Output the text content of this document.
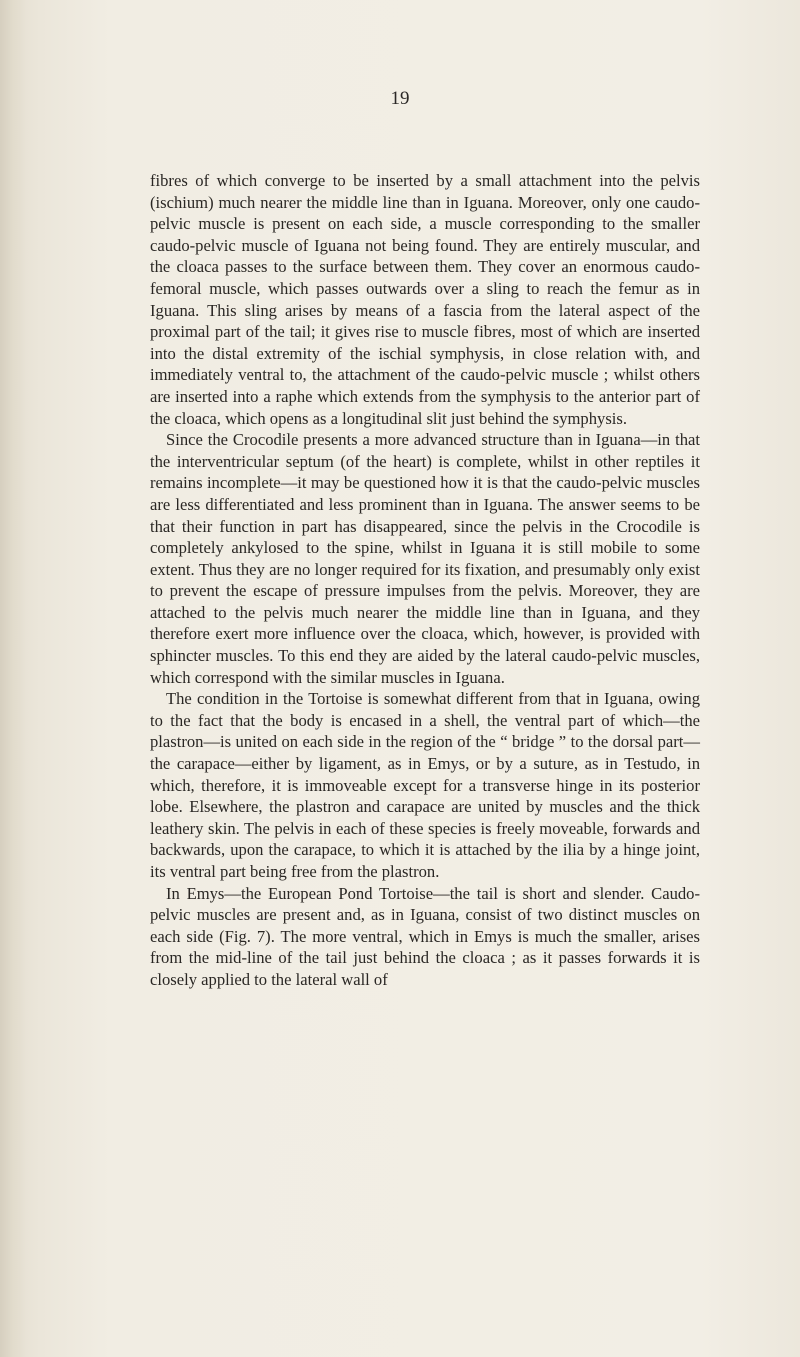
19

fibres of which converge to be inserted by a small attachment into the pelvis (ischium) much nearer the middle line than in Iguana. Moreover, only one caudo-pelvic muscle is present on each side, a muscle corresponding to the smaller caudo-pelvic muscle of Iguana not being found. They are entirely muscular, and the cloaca passes to the surface between them. They cover an enormous caudo-femoral muscle, which passes outwards over a sling to reach the femur as in Iguana. This sling arises by means of a fascia from the lateral aspect of the proximal part of the tail; it gives rise to muscle fibres, most of which are inserted into the distal extremity of the ischial symphysis, in close relation with, and immediately ventral to, the attachment of the caudo-pelvic muscle ; whilst others are inserted into a raphe which extends from the symphysis to the anterior part of the cloaca, which opens as a longitudinal slit just behind the symphysis.

Since the Crocodile presents a more advanced structure than in Iguana—in that the interventricular septum (of the heart) is complete, whilst in other reptiles it remains incomplete—it may be questioned how it is that the caudo-pelvic muscles are less differentiated and less prominent than in Iguana. The answer seems to be that their function in part has disappeared, since the pelvis in the Crocodile is completely ankylosed to the spine, whilst in Iguana it is still mobile to some extent. Thus they are no longer required for its fixation, and presumably only exist to prevent the escape of pressure impulses from the pelvis. Moreover, they are attached to the pelvis much nearer the middle line than in Iguana, and they therefore exert more influence over the cloaca, which, however, is provided with sphincter muscles. To this end they are aided by the lateral caudo-pelvic muscles, which correspond with the similar muscles in Iguana.

The condition in the Tortoise is somewhat different from that in Iguana, owing to the fact that the body is encased in a shell, the ventral part of which—the plastron—is united on each side in the region of the “ bridge ” to the dorsal part—the carapace—either by ligament, as in Emys, or by a suture, as in Testudo, in which, therefore, it is immoveable except for a transverse hinge in its posterior lobe. Elsewhere, the plastron and carapace are united by muscles and the thick leathery skin. The pelvis in each of these species is freely moveable, forwards and backwards, upon the carapace, to which it is attached by the ilia by a hinge joint, its ventral part being free from the plastron.

In Emys—the European Pond Tortoise—the tail is short and slender. Caudo-pelvic muscles are present and, as in Iguana, consist of two distinct muscles on each side (Fig. 7). The more ventral, which in Emys is much the smaller, arises from the mid-line of the tail just behind the cloaca ; as it passes forwards it is closely applied to the lateral wall of
